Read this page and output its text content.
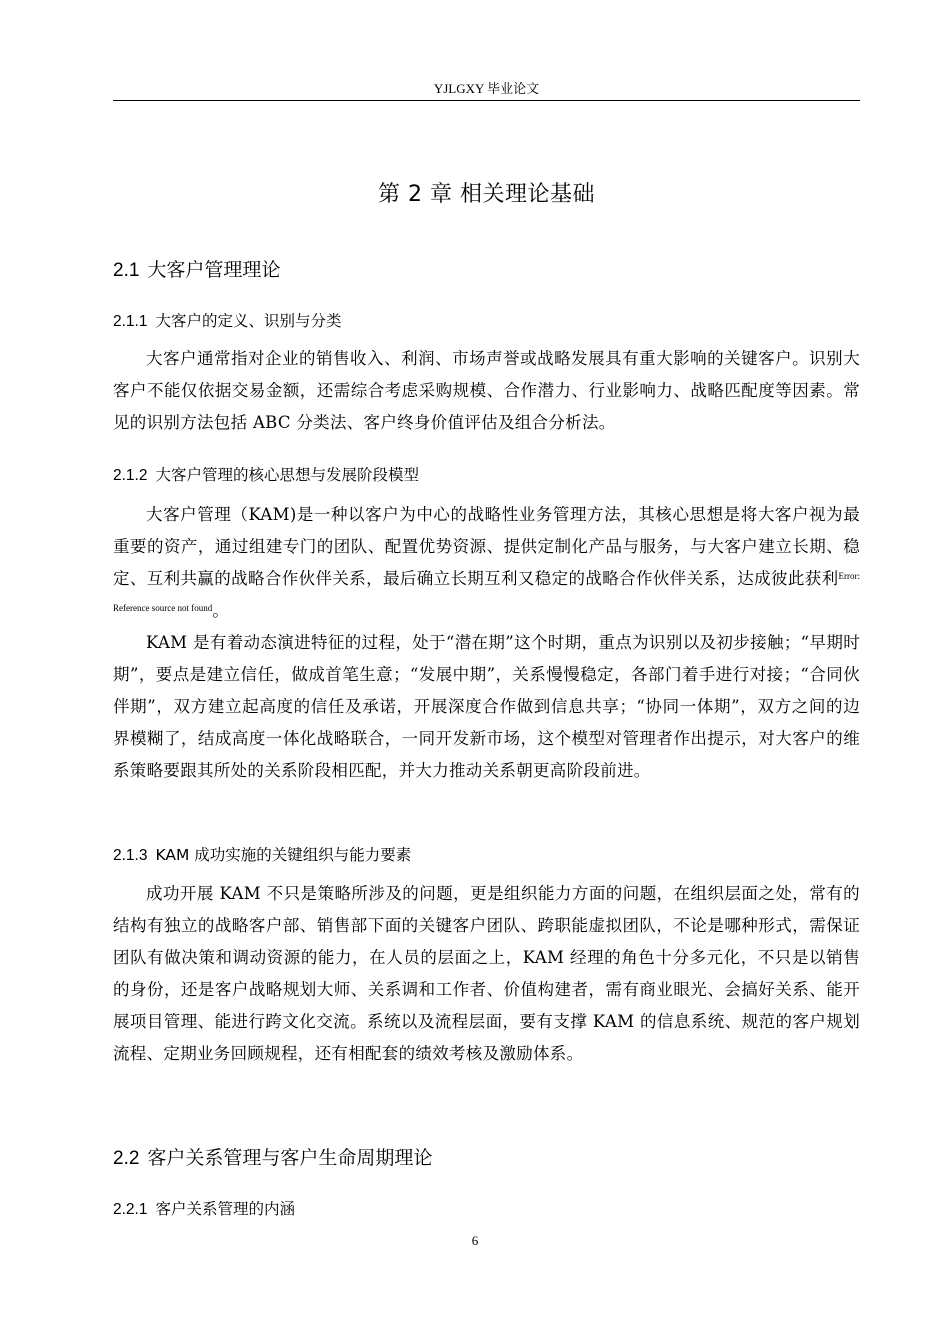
YJLGXY 毕业论文
第 2 章 相关理论基础
2.1 大客户管理理论
2.1.1 大客户的定义、识别与分类
大客户通常指对企业的销售收入、利润、市场声誉或战略发展具有重大影响的关键客户。识别大客户不能仅依据交易金额，还需综合考虑采购规模、合作潜力、行业影响力、战略匹配度等因素。常见的识别方法包括 ABC 分类法、客户终身价值评估及组合分析法。
2.1.2 大客户管理的核心思想与发展阶段模型
大客户管理（KAM)是一种以客户为中心的战略性业务管理方法，其核心思想是将大客户视为最重要的资产，通过组建专门的团队、配置优势资源、提供定制化产品与服务，与大客户建立长期、稳定、互利共赢的战略合作伙伴关系，最后确立长期互利又稳定的战略合作伙伴关系，达成彼此获利$^{Error: Reference source not found}$。
KAM 是有着动态演进特征的过程，处于“潜在期”这个时期，重点为识别以及初步接触；“早期时期”，要点是建立信任，做成首笔生意；“发展中期”，关系慢慢稳定，各部门着手进行对接；“合同伙伴期”，双方建立起高度的信任及承诺，开展深度合作做到信息共享；“协同一体期”，双方之间的边界模糊了，结成高度一体化战略联合，一同开发新市场，这个模型对管理者作出提示，对大客户的维系策略要跟其所处的关系阶段相匹配，并大力推动关系朝更高阶段前进。
2.1.3 KAM 成功实施的关键组织与能力要素
成功开展 KAM 不只是策略所涉及的问题，更是组织能力方面的问题，在组织层面之处，常有的结构有独立的战略客户部、销售部下面的关键客户团队、跨职能虚拟团队，不论是哪种形式，需保证团队有做决策和调动资源的能力，在人员的层面之上，KAM 经理的角色十分多元化，不只是以销售的身份，还是客户战略规划大师、关系调和工作者、价值构建者，需有商业眼光、会搞好关系、能开展项目管理、能进行跨文化交流。系统以及流程层面，要有支撑 KAM 的信息系统、规范的客户规划流程、定期业务回顾规程，还有相配套的绩效考核及激励体系。
2.2 客户关系管理与客户生命周期理论
2.2.1 客户关系管理的内涵
6
